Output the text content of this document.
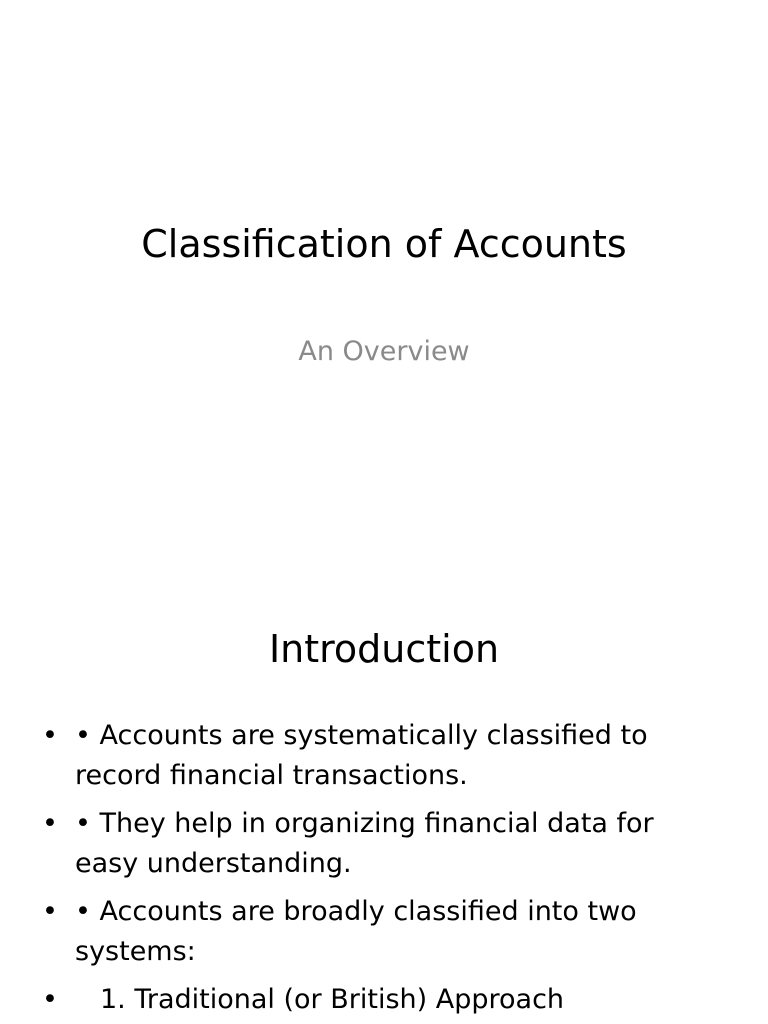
Classification of Accounts
An Overview
Introduction
• • Accounts are systematically classified to record financial transactions.
• • They help in organizing financial data for easy understanding.
• • Accounts are broadly classified into two systems:
•	1. Traditional (or British) Approach
